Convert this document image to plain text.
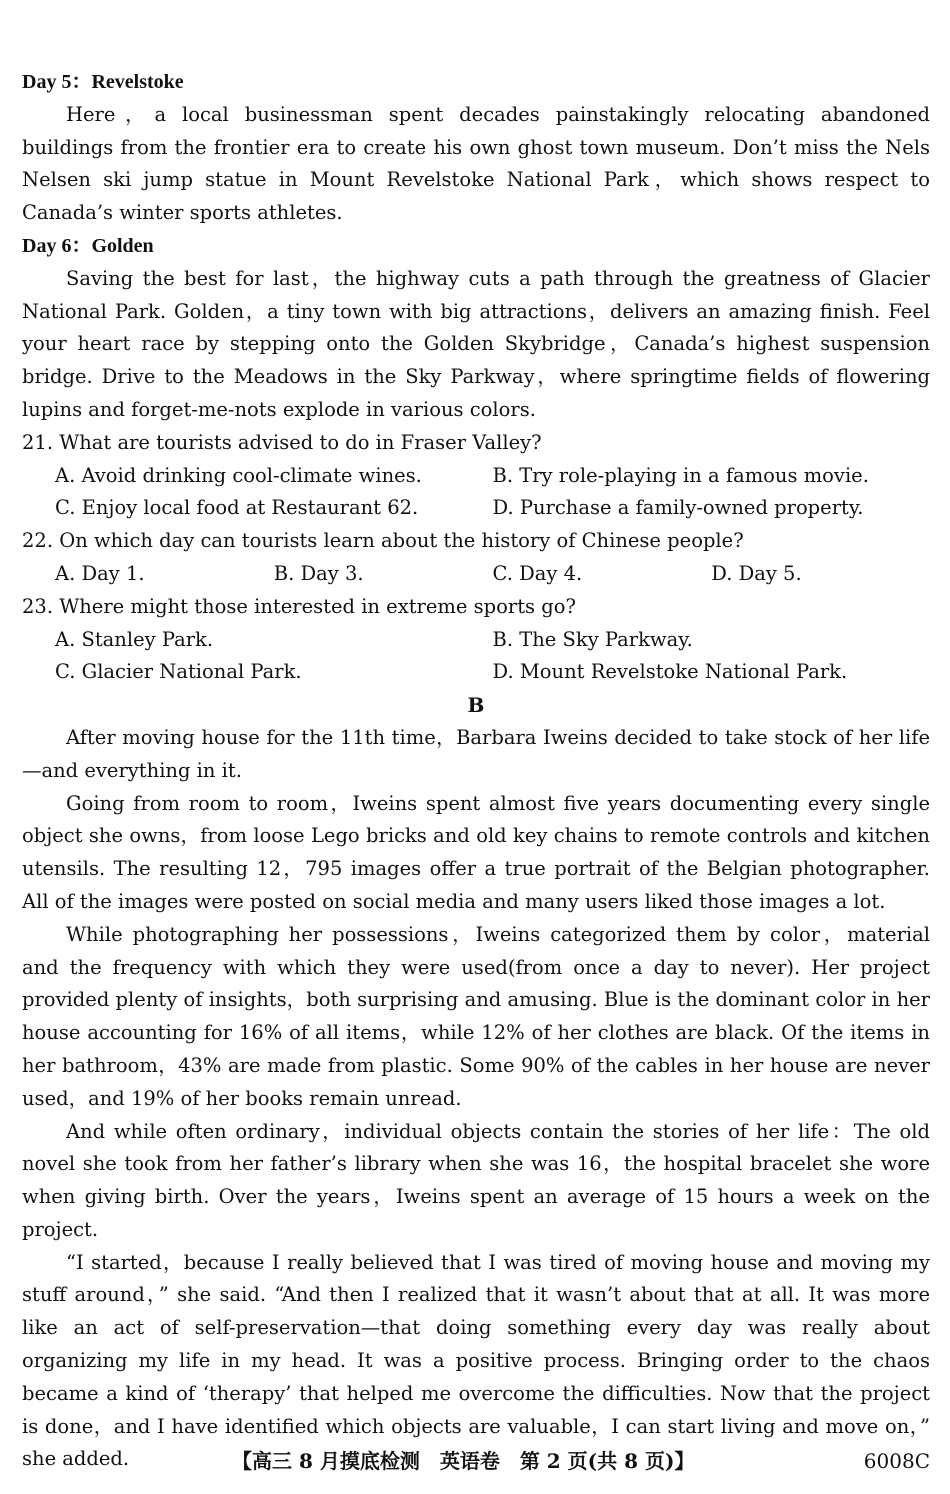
Day 5：Revelstoke

Here，a local businessman spent decades painstakingly relocating abandoned buildings from the frontier era to create his own ghost town museum. Don’t miss the Nels Nelsen ski jump statue in Mount Revelstoke National Park，which shows respect to Canada’s winter sports athletes.

Day 6：Golden

Saving the best for last，the highway cuts a path through the greatness of Glacier National Park. Golden，a tiny town with big attractions，delivers an amazing finish. Feel your heart race by stepping onto the Golden Skybridge，Canada’s highest suspension bridge. Drive to the Meadows in the Sky Parkway，where springtime fields of flowering lupins and forget-me-nots explode in various colors.

21. What are tourists advised to do in Fraser Valley?

A. Avoid drinking cool-climate wines.	B. Try role-playing in a famous movie.
C. Enjoy local food at Restaurant 62.	D. Purchase a family-owned property.

22. On which day can tourists learn about the history of Chinese people?

A. Day 1.	B. Day 3.	C. Day 4.	D. Day 5.

23. Where might those interested in extreme sports go?

A. Stanley Park.	B. The Sky Parkway.
C. Glacier National Park.	D. Mount Revelstoke National Park.
B

After moving house for the 11th time，Barbara Iweins decided to take stock of her life—and everything in it.

Going from room to room，Iweins spent almost five years documenting every single object she owns，from loose Lego bricks and old key chains to remote controls and kitchen utensils. The resulting 12，795 images offer a true portrait of the Belgian photographer. All of the images were posted on social media and many users liked those images a lot.

While photographing her possessions，Iweins categorized them by color，material and the frequency with which they were used(from once a day to never). Her project provided plenty of insights，both surprising and amusing. Blue is the dominant color in her house accounting for 16% of all items，while 12% of her clothes are black. Of the items in her bathroom，43% are made from plastic. Some 90% of the cables in her house are never used，and 19% of her books remain unread.

And while often ordinary，individual objects contain the stories of her life：The old novel she took from her father’s library when she was 16，the hospital bracelet she wore when giving birth. Over the years，Iweins spent an average of 15 hours a week on the project.

“I started，because I really believed that I was tired of moving house and moving my stuff around，” she said. “And then I realized that it wasn’t about that at all. It was more like an act of self-preservation—that doing something every day was really about organizing my life in my head. It was a positive process. Bringing order to the chaos became a kind of ‘therapy’ that helped me overcome the difficulties. Now that the project is done，and I have identified which objects are valuable，I can start living and move on，” she added.	【高三 8 月摸底检测　英语卷　第 2 页(共 8 页)】	6008C
